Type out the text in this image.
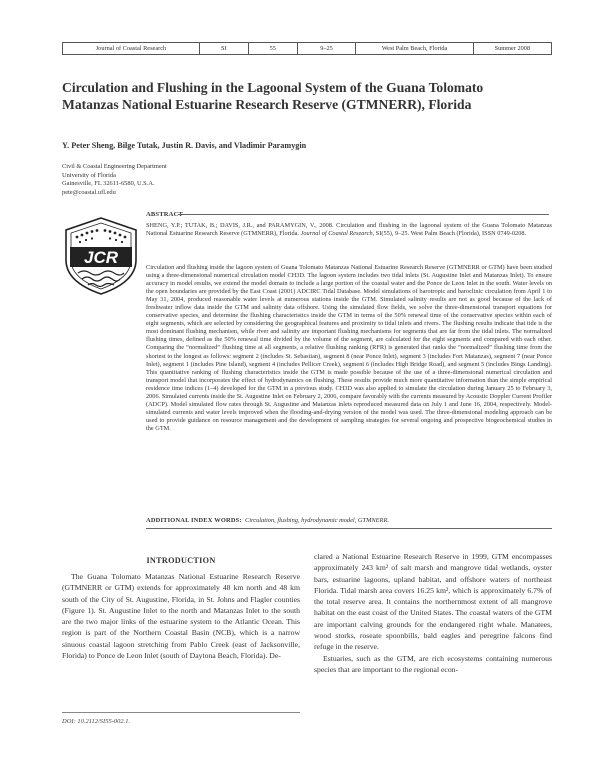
Journal of Coastal Research	SI	55	9–25	West Palm Beach, Florida	Summer 2008
Circulation and Flushing in the Lagoonal System of the Guana Tolomato Matanzas National Estuarine Research Reserve (GTMNERR), Florida

Y. Peter Sheng, Bilge Tutak, Justin R. Davis, and Vladimir Paramygin

Civil & Coastal Engineering Department
University of Florida
Gainesville, FL 32611-6580, U.S.A.
pete@coastal.ufl.edu
JCR
ABSTRACT

SHENG, Y.P.; TUTAK, B.; DAVIS, J.R., and PARAMYGIN, V., 2008. Circulation and flushing in the lagoonal system of the Guana Tolomato Matanzas National Estuarine Research Reserve (GTMNERR), Florida. Journal of Coastal Research, SI(55), 9–25. West Palm Beach (Florida), ISSN 0749-0208.

Circulation and flushing inside the lagoon system of Guana Tolomato Matanzas National Estuarine Research Reserve (GTMNERR or GTM) have been studied using a three-dimensional numerical circulation model CH3D. The lagoon system includes two tidal inlets (St. Augustine Inlet and Matanzas Inlet). To ensure accuracy in model results, we extend the model domain to include a large portion of the coastal water and the Ponce de Leon Inlet in the south. Water levels on the open boundaries are provided by the East Coast (2001) ADCIRC Tidal Database. Model simulations of barotropic and baroclinic circulation from April 1 to May 31, 2004, produced reasonable water levels at numerous stations inside the GTM. Simulated salinity results are not as good because of the lack of freshwater inflow data inside the GTM and salinity data offshore. Using the simulated flow fields, we solve the three-dimensional transport equations for conservative species, and determine the flushing characteristics inside the GTM in terms of the 50% renewal time of the conservative species within each of eight segments, which are selected by considering the geographical features and proximity to tidal inlets and rivers. The flushing results indicate that tide is the most dominant flushing mechanism, while river and salinity are important flushing mechanisms for segments that are far from the tidal inlets. The normalized flushing times, defined as the 50% renewal time divided by the volume of the segment, are calculated for the eight segments and compared with each other. Comparing the “normalized” flushing time at all segments, a relative flushing ranking (RFR) is generated that ranks the “normalized” flushing time from the shortest to the longest as follows: segment 2 (includes St. Sebastian), segment 8 (near Ponce Inlet), segment 3 (includes Fort Matanzas), segment 7 (near Ponce Inlet), segment 1 (includes Pine Island), segment 4 (includes Pellicer Creek), segment 6 (includes High Bridge Road), and segment 5 (includes Bings Landing). This quantitative ranking of flushing characteristics inside the GTM is made possible because of the use of a three-dimensional numerical circulation and transport model that incorporates the effect of hydrodynamics on flushing. These results provide much more quantitative information than the simple empirical residence time indices (1–4) developed for the GTM in a previous study. CH3D was also applied to simulate the circulation during January 25 to February 3, 2006. Simulated currents inside the St. Augustine Inlet on February 2, 2006, compare favorably with the currents measured by Acoustic Doppler Current Profiler (ADCP). Model simulated flow rates through St. Augustine and Matanzas inlets reproduced measured data on July 1 and June 16, 2004, respectively. Model-simulated currents and water levels improved when the flooding-and-drying version of the model was used. The three-dimensional modeling approach can be used to provide guidance on resource management and the development of sampling strategies for several ongoing and prospective biogeochemical studies in the GTM.

ADDITIONAL INDEX WORDS: Circulation, flushing, hydrodynamic model, GTMNERR.

INTRODUCTION

The Guana Tolomato Matanzas National Estuarine Research Reserve (GTMNERR or GTM) extends for approximately 48 km north and 48 km south of the City of St. Augustine, Florida, in St. Johns and Flagler counties (Figure 1). St. Augustine Inlet to the north and Matanzas Inlet to the south are the two major links of the estuarine system to the Atlantic Ocean. This region is part of the Northern Coastal Basin (NCB), which is a narrow sinuous coastal lagoon stretching from Pablo Creek (east of Jacksonville, Florida) to Ponce de Leon Inlet (south of Daytona Beach, Florida). De-

clared a National Estuarine Research Reserve in 1999, GTM encompasses approximately 243 km² of salt marsh and mangrove tidal wetlands, oyster bars, estuarine lagoons, upland habitat, and offshore waters of northeast Florida. Tidal marsh area covers 16.25 km², which is approximately 6.7% of the total reserve area. It contains the northernmost extent of all mangrove habitat on the east coast of the United States. The coastal waters of the GTM are important calving grounds for the endangered right whale. Manatees, wood storks, roseate spoonbills, bald eagles and peregrine falcons find refuge in the reserve.

Estuaries, such as the GTM, are rich ecosystems containing numerous species that are important to the regional econ-

DOI: 10.2112/SI55-002.1.
